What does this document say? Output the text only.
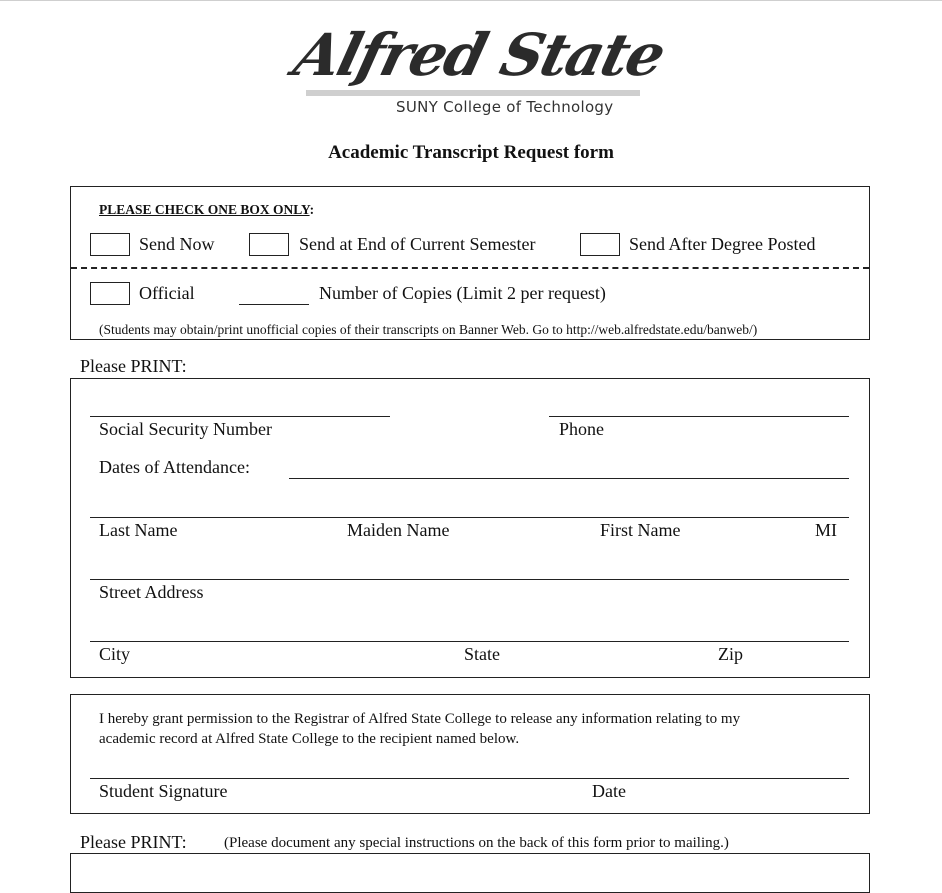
Alfred State
SUNY College of Technology
Academic Transcript Request form
PLEASE CHECK ONE BOX ONLY:
Send Now	Send at End of Current Semester	Send After Degree Posted
Official	Number of Copies (Limit 2 per request)
(Students may obtain/print unofficial copies of their transcripts on Banner Web. Go to http://web.alfredstate.edu/banweb/)
Please PRINT:
Social Security Number	Phone
Dates of Attendance:
Last Name	Maiden Name	First Name	MI
Street Address
City	State	Zip
I hereby grant permission to the Registrar of Alfred State College to release any information relating to my
academic record at Alfred State College to the recipient named below.
Student Signature	Date
Please PRINT: (Please document any special instructions on the back of this form prior to mailing.)
